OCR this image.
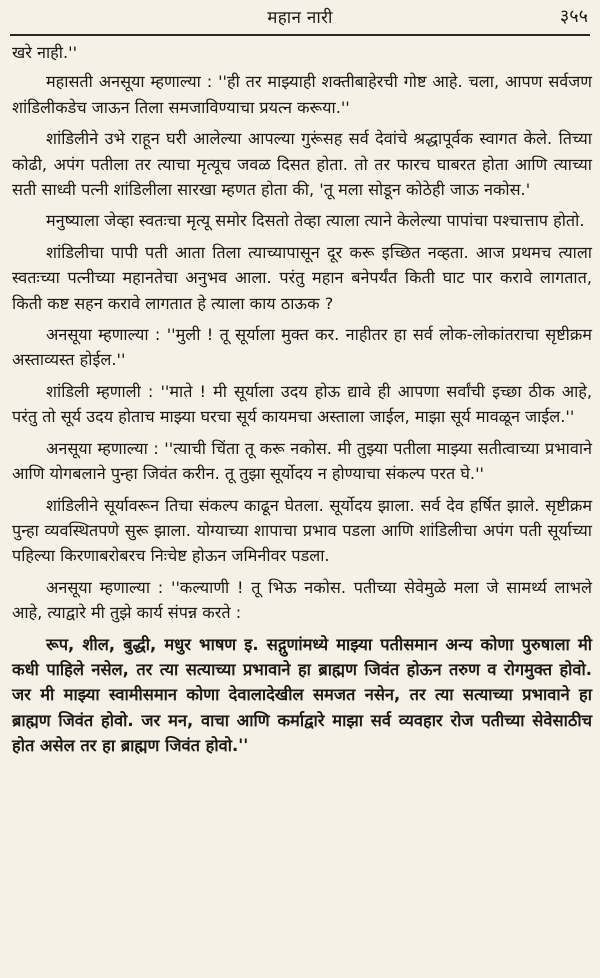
महान नारी	३५५

खरे नाही.''

महासती अनसूया म्हणाल्या : ''ही तर माझ्याही शक्तीबाहेरची गोष्ट आहे. चला, आपण सर्वजण शांडिलीकडेच जाऊन तिला समजाविण्याचा प्रयत्न करूया.''

शांडिलीने उभे राहून घरी आलेल्या आपल्या गुरूंसह सर्व देवांचे श्रद्धापूर्वक स्वागत केले. तिच्या कोढी, अपंग पतीला तर त्याचा मृत्यूच जवळ दिसत होता. तो तर फारच घाबरत होता आणि त्याच्या सती साध्वी पत्नी शांडिलीला सारखा म्हणत होता की, 'तू मला सोडून कोठेही जाऊ नकोस.'

मनुष्याला जेव्हा स्वतःचा मृत्यू समोर दिसतो तेव्हा त्याला त्याने केलेल्या पापांचा पश्चात्ताप होतो.

शांडिलीचा पापी पती आता तिला त्याच्यापासून दूर करू इच्छित नव्हता. आज प्रथमच त्याला स्वतःच्या पत्नीच्या महानतेचा अनुभव आला. परंतु महान बनेपर्यंत किती घाट पार करावे लागतात, किती कष्ट सहन करावे लागतात हे त्याला काय ठाऊक ?

अनसूया म्हणाल्या : ''मुली ! तू सूर्याला मुक्त कर. नाहीतर हा सर्व लोक-लोकांतराचा सृष्टीक्रम अस्ताव्यस्त होईल.''

शांडिली म्हणाली : ''माते ! मी सूर्याला उदय होऊ द्यावे ही आपणा सर्वांची इच्छा ठीक आहे, परंतु तो सूर्य उदय होताच माझ्या घरचा सूर्य कायमचा अस्ताला जाईल, माझा सूर्य मावळून जाईल.''

अनसूया म्हणाल्या : ''त्याची चिंता तू करू नकोस. मी तुझ्या पतीला माझ्या सतीत्वाच्या प्रभावाने आणि योगबलाने पुन्हा जिवंत करीन. तू तुझा सूर्योदय न होण्याचा संकल्प परत घे.''

शांडिलीने सूर्यावरून तिचा संकल्प काढून घेतला. सूर्योदय झाला. सर्व देव हर्षित झाले. सृष्टीक्रम पुन्हा व्यवस्थितपणे सुरू झाला. योग्याच्या शापाचा प्रभाव पडला आणि शांडिलीचा अपंग पती सूर्याच्या पहिल्या किरणाबरोबरच निःचेष्ट होऊन जमिनीवर पडला.

अनसूया म्हणाल्या : ''कल्याणी ! तू भिऊ नकोस. पतीच्या सेवेमुळे मला जे सामर्थ्य लाभले आहे, त्याद्वारे मी तुझे कार्य संपन्न करते :

रूप, शील, बुद्धी, मधुर भाषण इ. सद्गुणांमध्ये माझ्या पतीसमान अन्य कोणा पुरुषाला मी कधी पाहिले नसेल, तर त्या सत्याच्या प्रभावाने हा ब्राह्मण जिवंत होऊन तरुण व रोगमुक्त होवो. जर मी माझ्या स्वामीसमान कोणा देवालादेखील समजत नसेन, तर त्या सत्याच्या प्रभावाने हा ब्राह्मण जिवंत होवो. जर मन, वाचा आणि कर्माद्वारे माझा सर्व व्यवहार रोज पतीच्या सेवेसाठीच होत असेल तर हा ब्राह्मण जिवंत होवो.''
